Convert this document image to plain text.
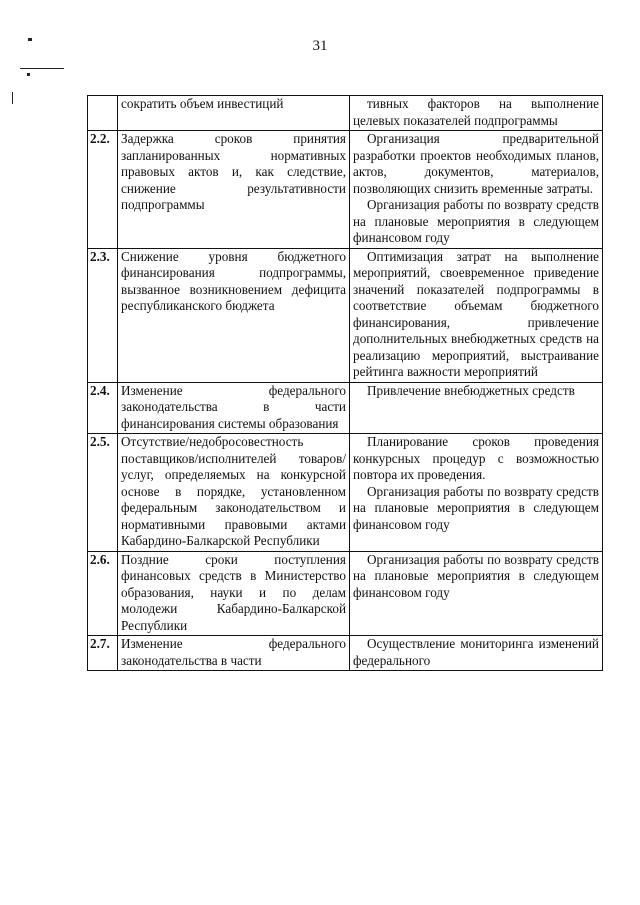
31
	сократить объем инвестиций	тивных факторов на выполнение целевых показателей подпрограммы

2.2.	Задержка сроков принятия запланированных нормативных правовых актов и, как следствие, снижение результативности подпрограммы	Организация предварительной разработки проектов необходимых планов, актов, документов, материалов, позволяющих снизить временные затраты.

Организация работы по возврату средств на плановые мероприятия в следующем финансовом году

2.3.	Снижение уровня бюджетного финансирования подпрограммы, вызванное возникновением дефицита республиканского бюджета	Оптимизация затрат на выполнение мероприятий, своевременное приведение значений показателей подпрограммы в соответствие объемам бюджетного финансирования, привлечение дополнительных внебюджетных средств на реализацию мероприятий, выстраивание рейтинга важности мероприятий

2.4.	Изменение федерального законодательства в части финансирования системы образования	Привлечение внебюджетных средств

2.5.	Отсутствие/недобросовестность поставщиков/исполнителей товаров/услуг, определяемых на конкурсной основе в порядке, установленном федеральным законодательством и нормативными правовыми актами Кабардино-Балкарской Республики	Планирование сроков проведения конкурсных процедур с возможностью повтора их проведения.

Организация работы по возврату средств на плановые мероприятия в следующем финансовом году

2.6.	Поздние сроки поступления финансовых средств в Министерство образования, науки и по делам молодежи Кабардино-Балкарской Республики	Организация работы по возврату средств на плановые мероприятия в следующем финансовом году

2.7.	Изменение федерального законодательства в части	Осуществление мониторинга изменений федерального
